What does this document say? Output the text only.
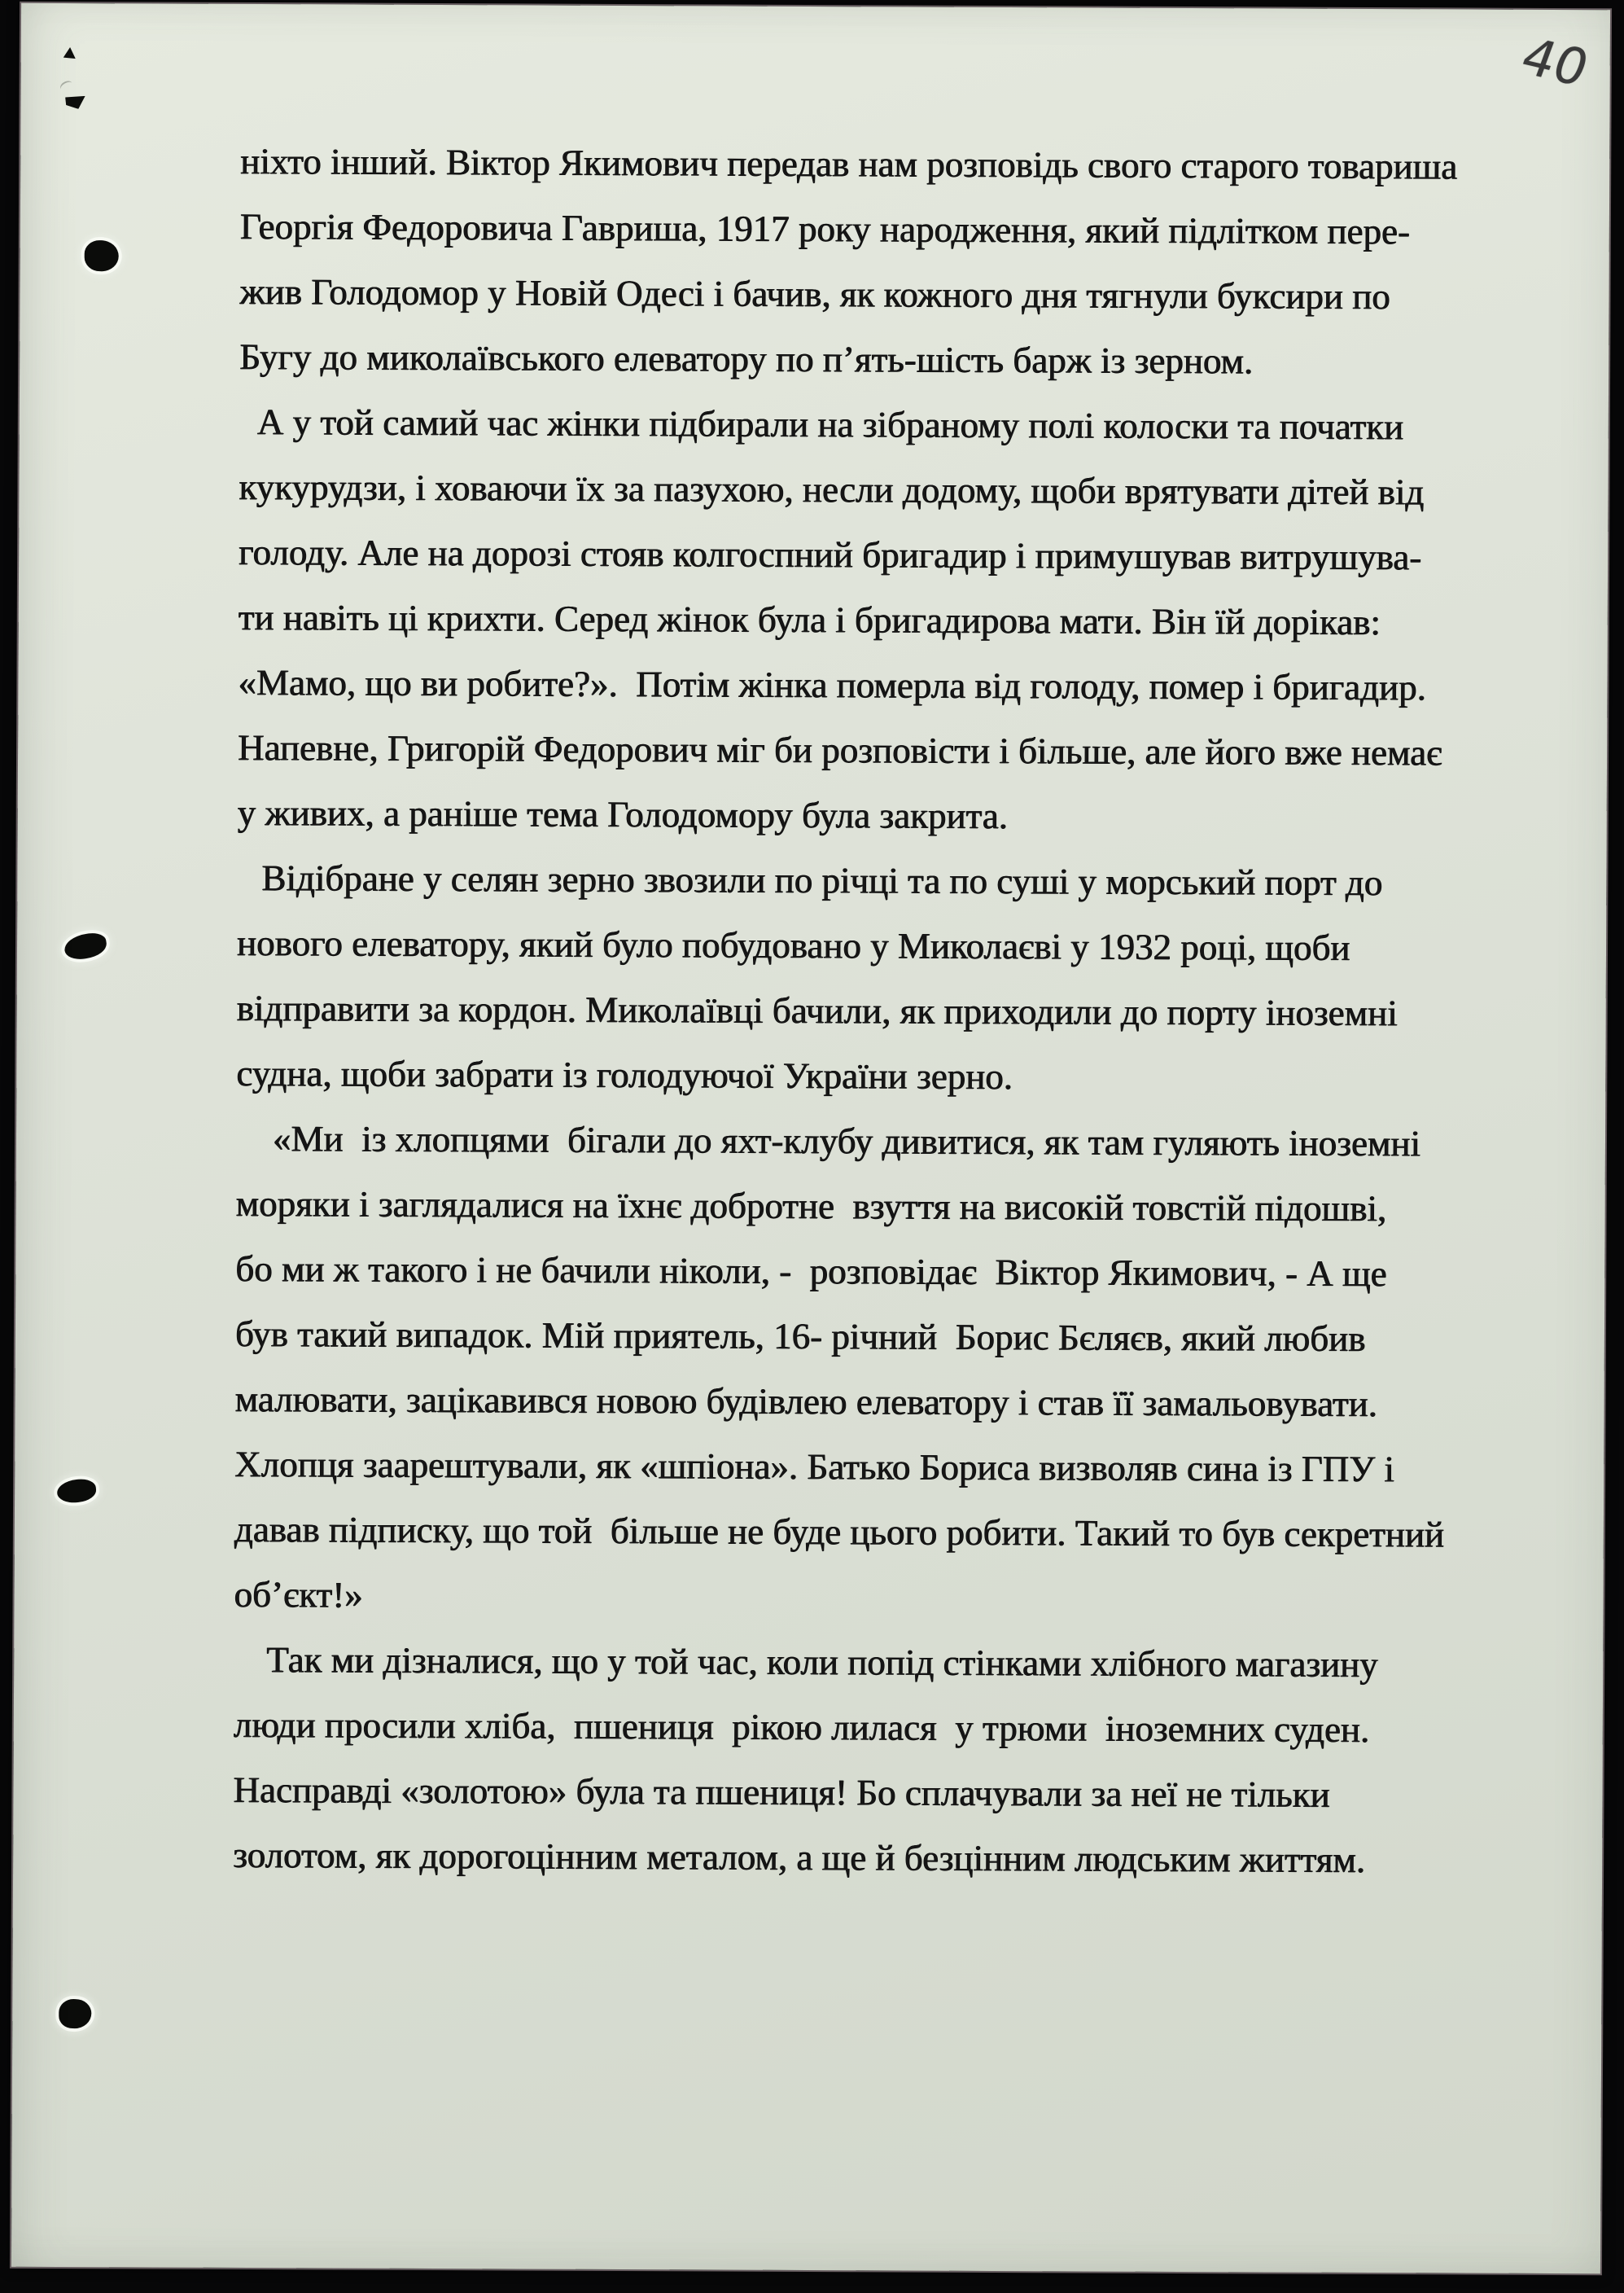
40
ніхто інший. Віктор Якимович передав нам розповідь свого старого товариша
Георгія Федоровича Гавриша, 1917 року народження, який підлітком пере-
жив Голодомор у Новій Одесі і бачив, як кожного дня тягнули буксири по
Бугу до миколаївського елеватору по п’ять-шість барж із зерном.
А у той самий час жінки підбирали на зібраному полі колоски та початки
кукурудзи, і ховаючи їх за пазухою, несли додому, щоби врятувати дітей від
голоду. Але на дорозі стояв колгоспний бригадир і примушував витрушува-
ти навіть ці крихти. Серед жінок була і бригадирова мати. Він їй дорікав:
«Мамо, що ви робите?».  Потім жінка померла від голоду, помер і бригадир.
Напевне, Григорій Федорович міг би розповісти і більше, але його вже немає
у живих, а раніше тема Голодомору була закрита.
Відібране у селян зерно звозили по річці та по суші у морський порт до
нового елеватору, який було побудовано у Миколаєві у 1932 році, щоби
відправити за кордон. Миколаївці бачили, як приходили до порту іноземні
судна, щоби забрати із голодуючої України зерно.
«Ми  із хлопцями  бігали до яхт-клубу дивитися, як там гуляють іноземні
моряки і заглядалися на їхнє добротне  взуття на високій товстій підошві,
бо ми ж такого і не бачили ніколи, -  розповідає  Віктор Якимович, - А ще
був такий випадок. Мій приятель, 16- річний  Борис Бєляєв, який любив
малювати, зацікавився новою будівлею елеватору і став її замальовувати.
Хлопця заарештували, як «шпіона». Батько Бориса визволяв сина із ГПУ і
давав підписку, що той  більше не буде цього робити. Такий то був секретний
об’єкт!»
Так ми дізналися, що у той час, коли попід стінками хлібного магазину
люди просили хліба,  пшениця  рікою лилася  у трюми  іноземних суден.
Насправді «золотою» була та пшениця! Бо сплачували за неї не тільки
золотом, як дорогоцінним металом, а ще й безцінним людським життям.
